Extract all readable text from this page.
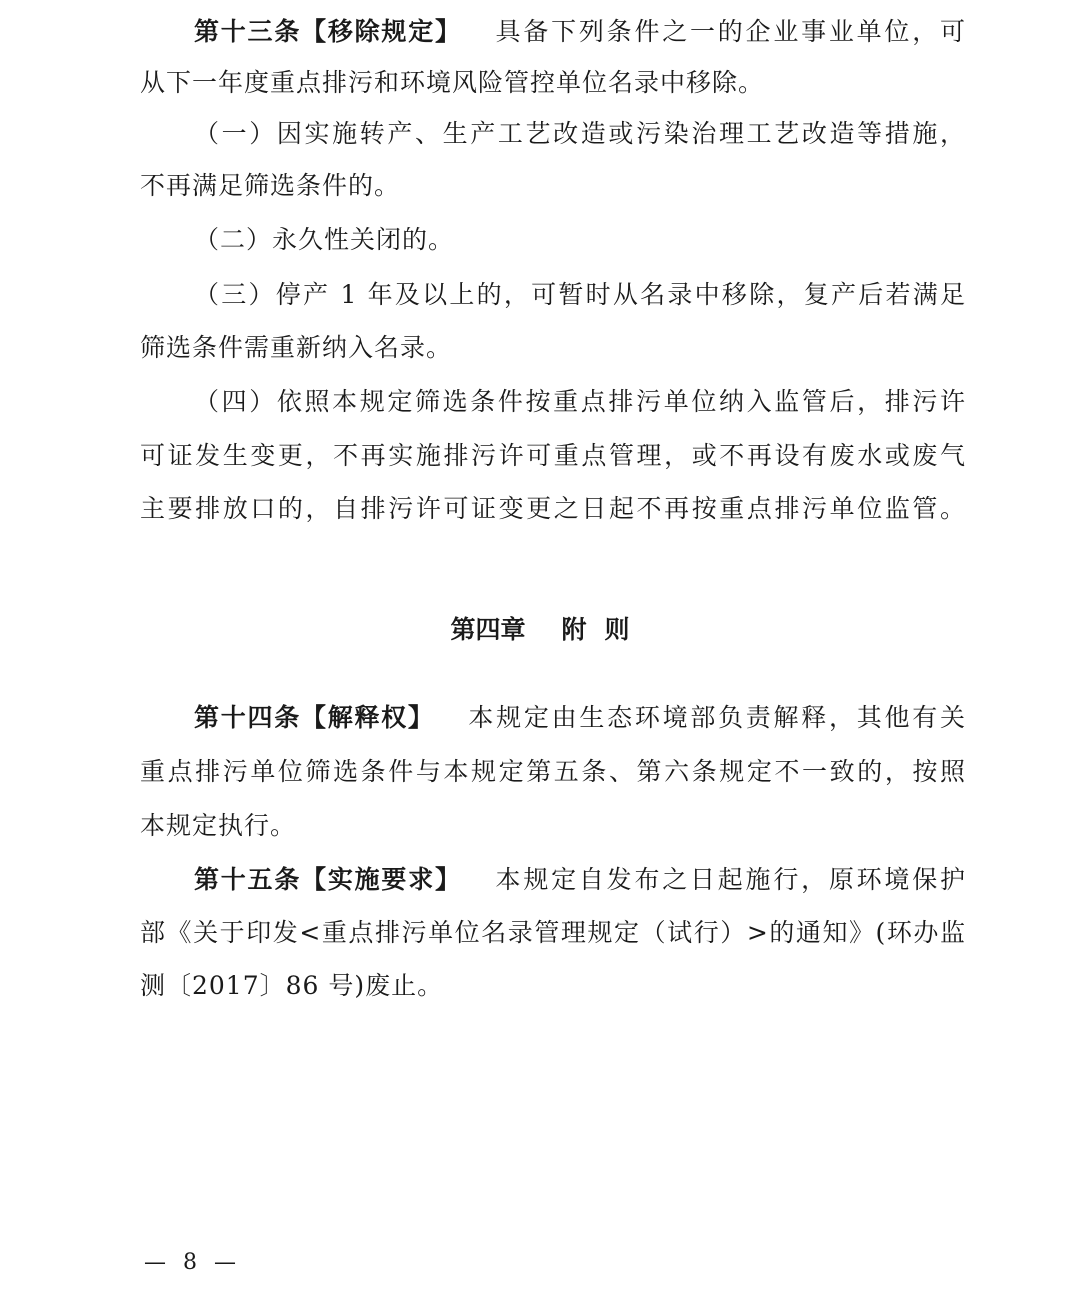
第十三条【移除规定】 具备下列条件之一的企业事业单位，可
从下一年度重点排污和环境风险管控单位名录中移除。
（一）因实施转产、生产工艺改造或污染治理工艺改造等措施，
不再满足筛选条件的。
（二）永久性关闭的。
（三）停产 1 年及以上的，可暂时从名录中移除，复产后若满足
筛选条件需重新纳入名录。
（四）依照本规定筛选条件按重点排污单位纳入监管后，排污许
可证发生变更，不再实施排污许可重点管理，或不再设有废水或废气
主要排放口的，自排污许可证变更之日起不再按重点排污单位监管。
第四章 附 则
第十四条【解释权】 本规定由生态环境部负责解释，其他有关
重点排污单位筛选条件与本规定第五条、第六条规定不一致的，按照
本规定执行。
第十五条【实施要求】 本规定自发布之日起施行，原环境保护
部《关于印发<重点排污单位名录管理规定（试行）>的通知》(环办监
测〔2017〕86 号)废止。
— 8 —
